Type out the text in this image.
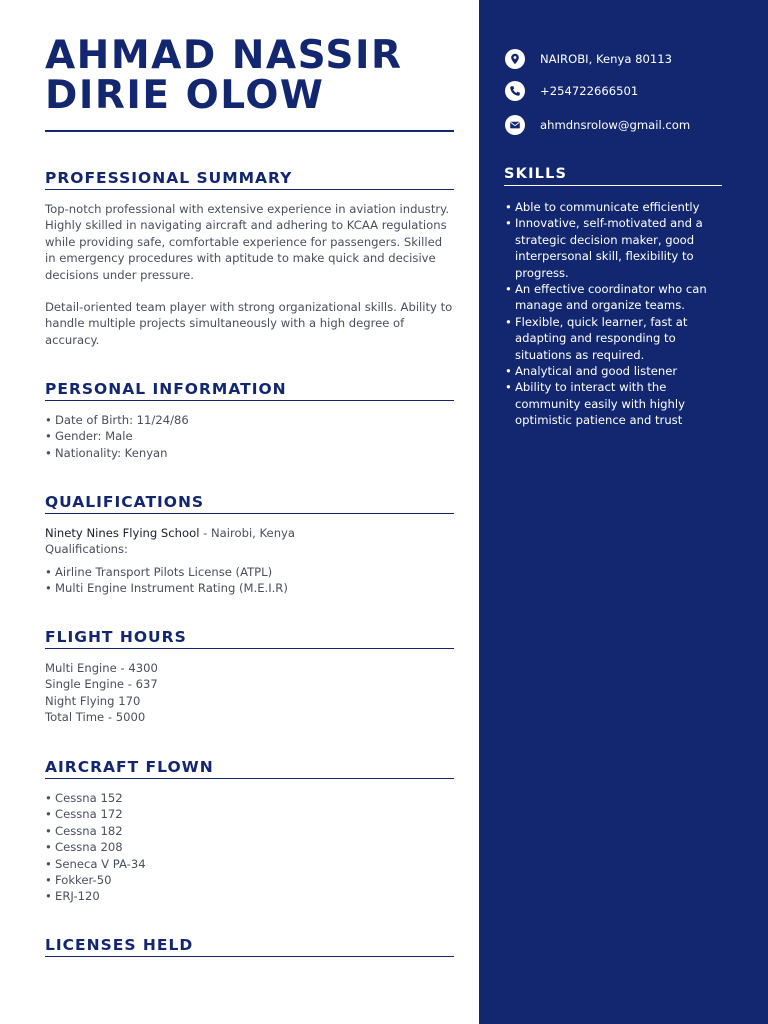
AHMAD NASSIR
DIRIE OLOW
PROFESSIONAL SUMMARY

Top-notch professional with extensive experience in aviation industry. Highly skilled in navigating aircraft and adhering to KCAA regulations while providing safe, comfortable experience for passengers. Skilled in emergency procedures with aptitude to make quick and decisive decisions under pressure.

Detail-oriented team player with strong organizational skills. Ability to handle multiple projects simultaneously with a high degree of accuracy.

PERSONAL INFORMATION
• Date of Birth: 11/24/86
• Gender: Male
• Nationality: Kenyan
QUALIFICATIONS
Ninety Nines Flying School - Nairobi, Kenya
Qualifications:
• Airline Transport Pilots License (ATPL)
• Multi Engine Instrument Rating (M.E.I.R)
FLIGHT HOURS
Multi Engine - 4300
Single Engine - 637
Night Flying 170
Total Time - 5000
AIRCRAFT FLOWN
• Cessna 152
• Cessna 172
• Cessna 182
• Cessna 208
• Seneca V PA-34
• Fokker-50
• ERJ-120
LICENSES HELD
NAIROBI, Kenya 80113
+254722666501
ahmdnsrolow@gmail.com
SKILLS
• Able to communicate efficiently
• Innovative, self-motivated and a strategic decision maker, good interpersonal skill, flexibility to progress.
• An effective coordinator who can manage and organize teams.
• Flexible, quick learner, fast at adapting and responding to situations as required.
• Analytical and good listener
• Ability to interact with the community easily with highly optimistic patience and trust
